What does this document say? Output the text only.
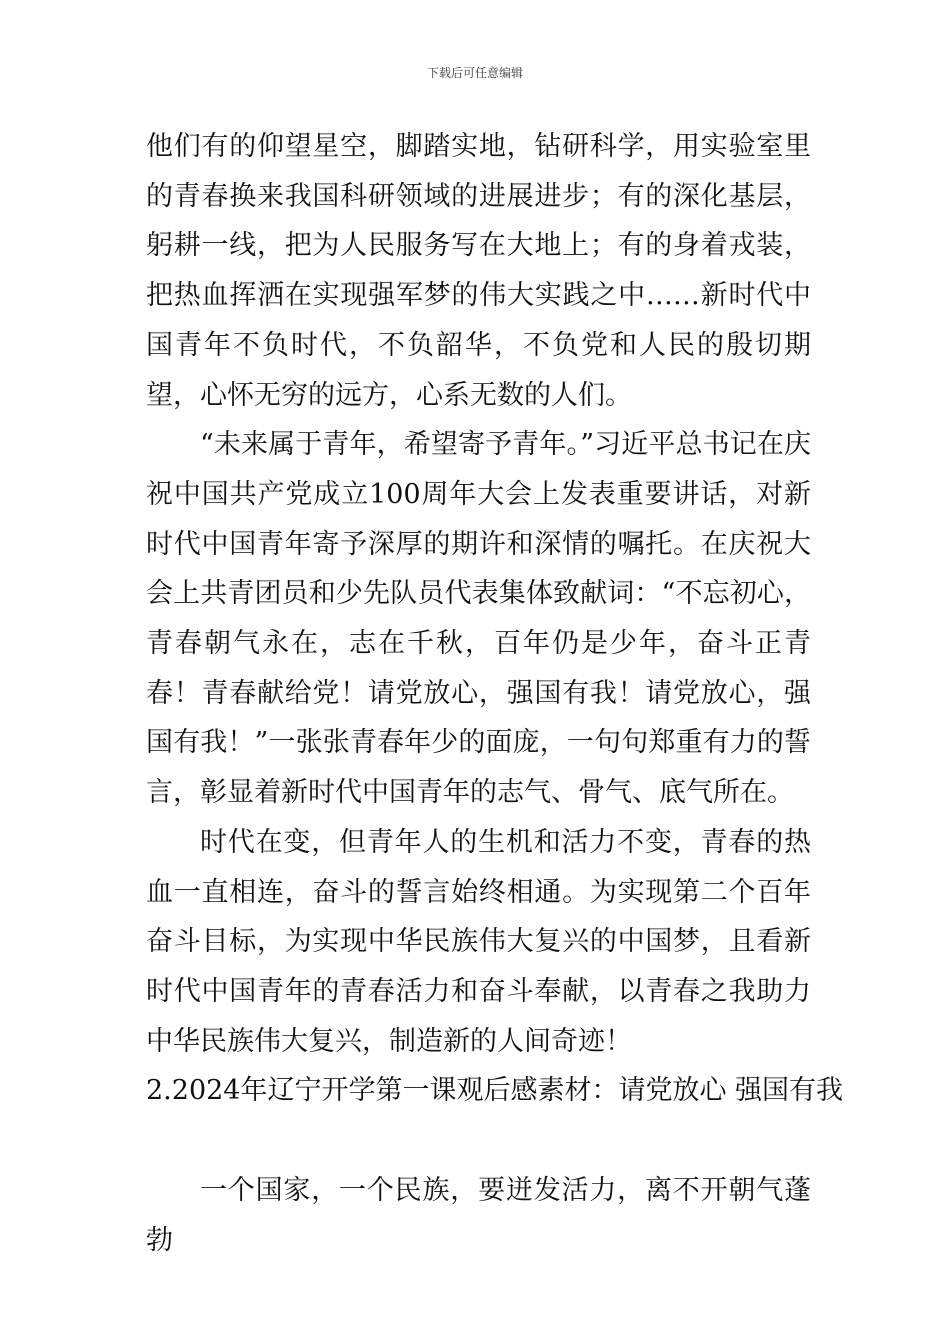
下载后可任意编辑

他们有的仰望星空，脚踏实地，钻研科学，用实验室里的青春换来我国科研领域的进展进步；有的深化基层，躬耕一线，把为人民服务写在大地上；有的身着戎装，把热血挥洒在实现强军梦的伟大实践之中……新时代中国青年不负时代，不负韶华，不负党和人民的殷切期望，心怀无穷的远方，心系无数的人们。

“未来属于青年，希望寄予青年。”习近平总书记在庆祝中国共产党成立100周年大会上发表重要讲话，对新时代中国青年寄予深厚的期许和深情的嘱托。在庆祝大会上共青团员和少先队员代表集体致献词：“不忘初心，青春朝气永在，志在千秋，百年仍是少年，奋斗正青春！青春献给党！请党放心，强国有我！请党放心，强国有我！”一张张青春年少的面庞，一句句郑重有力的誓言，彰显着新时代中国青年的志气、骨气、底气所在。

时代在变，但青年人的生机和活力不变，青春的热血一直相连，奋斗的誓言始终相通。为实现第二个百年奋斗目标，为实现中华民族伟大复兴的中国梦，且看新时代中国青年的青春活力和奋斗奉献，以青春之我助力中华民族伟大复兴，制造新的人间奇迹！

2.2024年辽宁开学第一课观后感素材：请党放心 强国有我

一个国家，一个民族，要迸发活力，离不开朝气蓬勃
